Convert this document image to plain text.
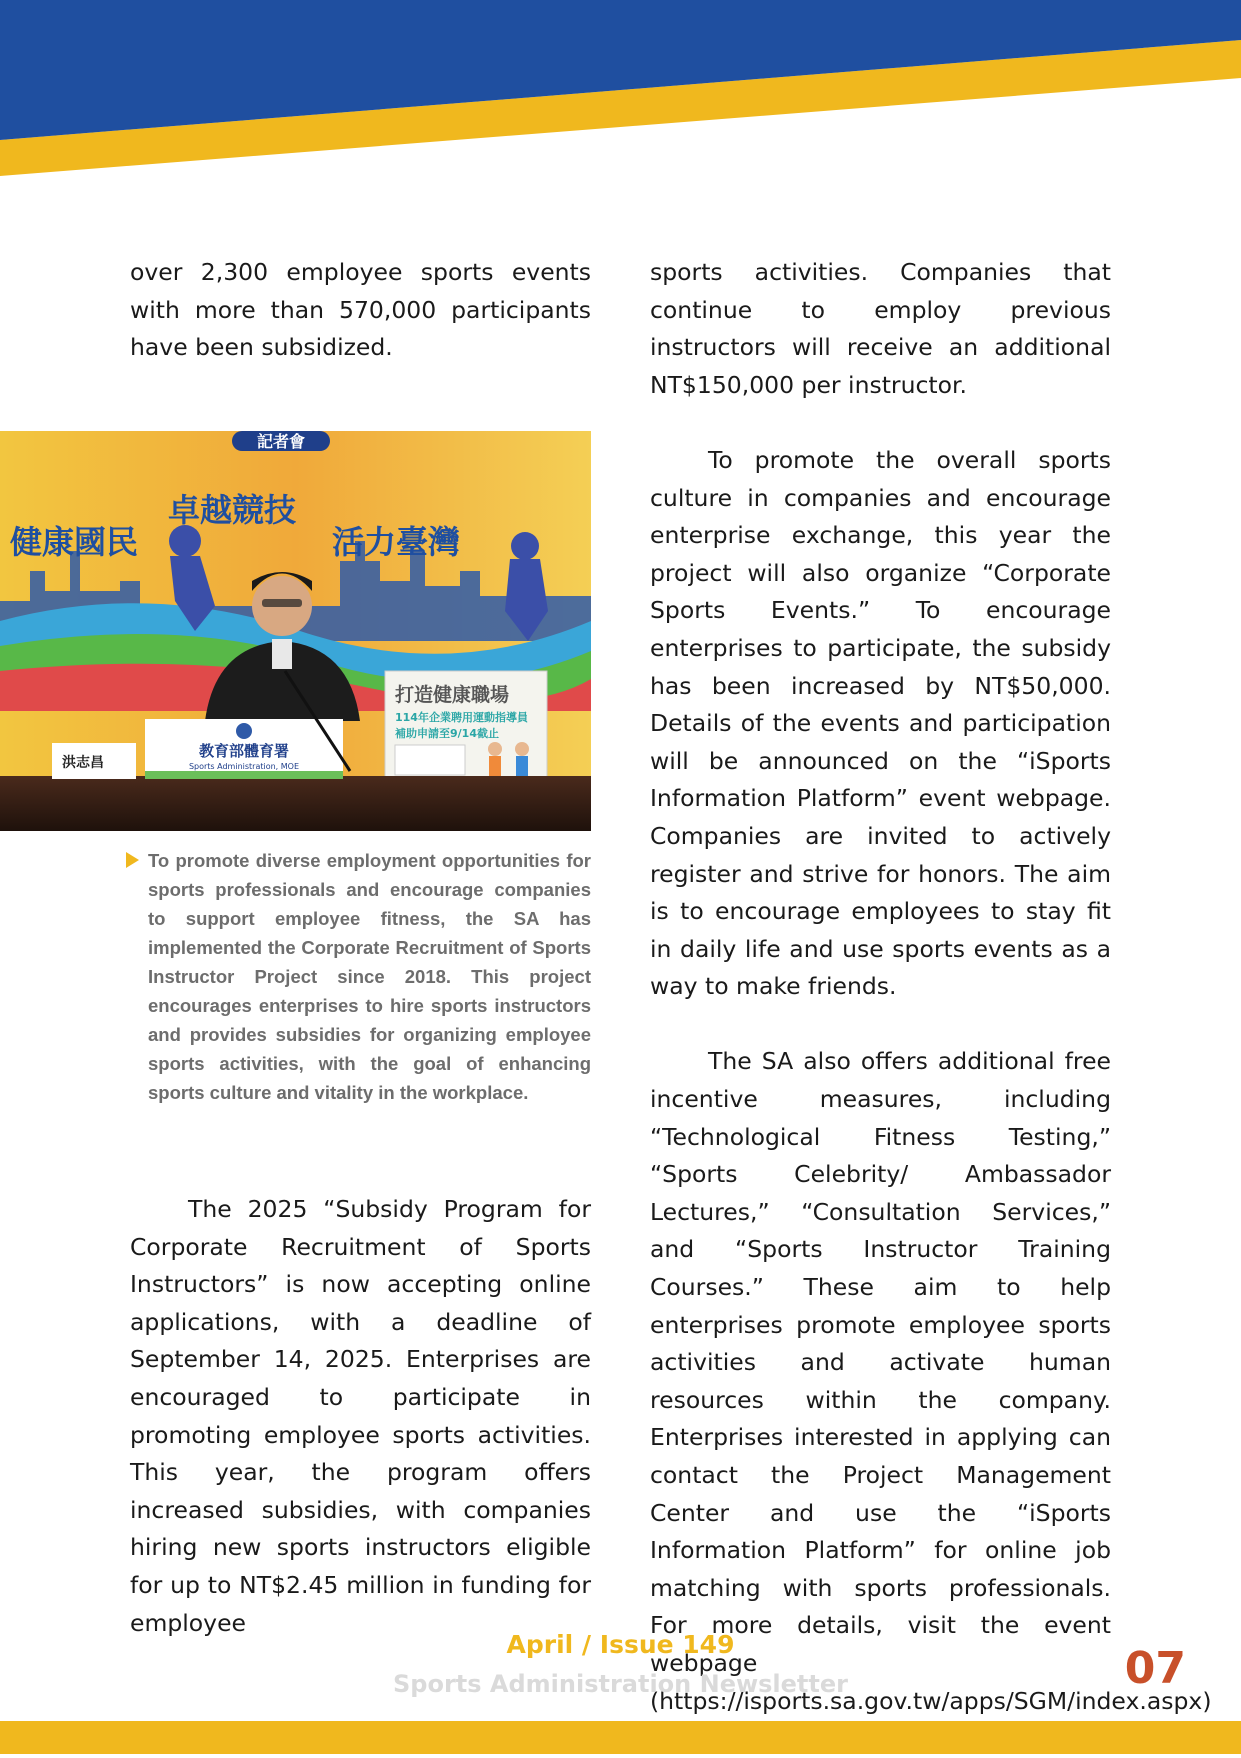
over 2,300 employee sports events with more than 570,000 participants have been subsidized.

記者會
健康國民
卓越競技
活力臺灣
打造健康職場
114年企業聘用運動指導員
補助申請至9/14截止
教育部體育署
Sports Administration, MOE
洪志昌
To promote diverse employment opportunities for sports professionals and encourage companies to support employee fitness, the SA has implemented the Corporate Recruitment of Sports Instructor Project since 2018. This project encourages enterprises to hire sports instructors and provides subsidies for organizing employee sports activities, with the goal of enhancing sports culture and vitality in the workplace.

The 2025 “Subsidy Program for Corporate Recruitment of Sports Instructors” is now accepting online applications, with a deadline of September 14, 2025. Enterprises are encouraged to participate in promoting employee sports activities. This year, the program offers increased subsidies, with companies hiring new sports instructors eligible for up to NT$2.45 million in funding for employee

sports activities. Companies that continue to employ previous instructors will receive an additional NT$150,000 per instructor.

To promote the overall sports culture in companies and encourage enterprise exchange, this year the project will also organize “Corporate Sports Events.” To encourage enterprises to participate, the subsidy has been increased by NT$50,000. Details of the events and participation will be announced on the “iSports Information Platform” event webpage. Companies are invited to actively register and strive for honors. The aim is to encourage employees to stay fit in daily life and use sports events as a way to make friends.

The SA also offers additional free incentive measures, including “Technological Fitness Testing,” “Sports Celebrity/ Ambassador Lectures,” “Consultation Services,” and “Sports Instructor Training Courses.” These aim to help enterprises promote employee sports activities and activate human resources within the company. Enterprises interested in applying can contact the Project Management Center and use the “iSports Information Platform” for online job matching with sports professionals. For more details, visit the event webpage (https://isports.sa.gov.tw/apps/SGM/index.aspx)

April / Issue 149
Sports Administration Newsletter	07
